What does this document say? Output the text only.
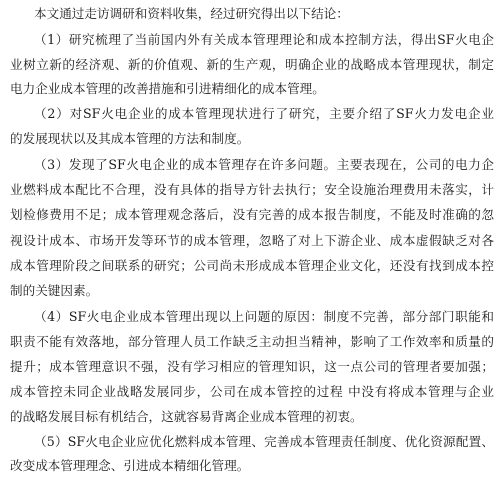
本文通过走访调研和资料收集，经过研究得出以下结论：
（1）研究梳理了当前国内外有关成本管理理论和成本控制方法，得出SF火电企
业树立新的经济观、新的价值观、新的生产观，明确企业的战略成本管理现状，制定
电力企业成本管理的改善措施和引进精细化的成本管理。
（2）对SF火电企业的成本管理现状进行了研究，主要介绍了SF火力发电企业
的发展现状以及其成本管理的方法和制度。
（3）发现了SF火电企业的成本管理存在许多问题。主要表现在，公司的电力企
业燃料成本配比不合理，没有具体的指导方针去执行；安全设施治理费用未落实，计
划检修费用不足；成本管理观念落后，没有完善的成本报告制度，不能及时准确的忽
视设计成本、市场开发等环节的成本管理，忽略了对上下游企业、成本虚假缺乏对各
成本管理阶段之间联系的研究；公司尚未形成成本管理企业文化，还没有找到成本控
制的关键因素。
（4）SF火电企业成本管理出现以上问题的原因：制度不完善，部分部门职能和
职责不能有效落地，部分管理人员工作缺乏主动担当精神，影响了工作效率和质量的
提升；成本管理意识不强，没有学习相应的管理知识，这一点公司的管理者要加强；
成本管控未同企业战略发展同步，公司在成本管控的过程 中没有将成本管理与企业
的战略发展目标有机结合，这就容易背离企业成本管理的初衷。
（5）SF火电企业应优化燃料成本管理、完善成本管理责任制度、优化资源配置、
改变成本管理理念、引进成本精细化管理。
